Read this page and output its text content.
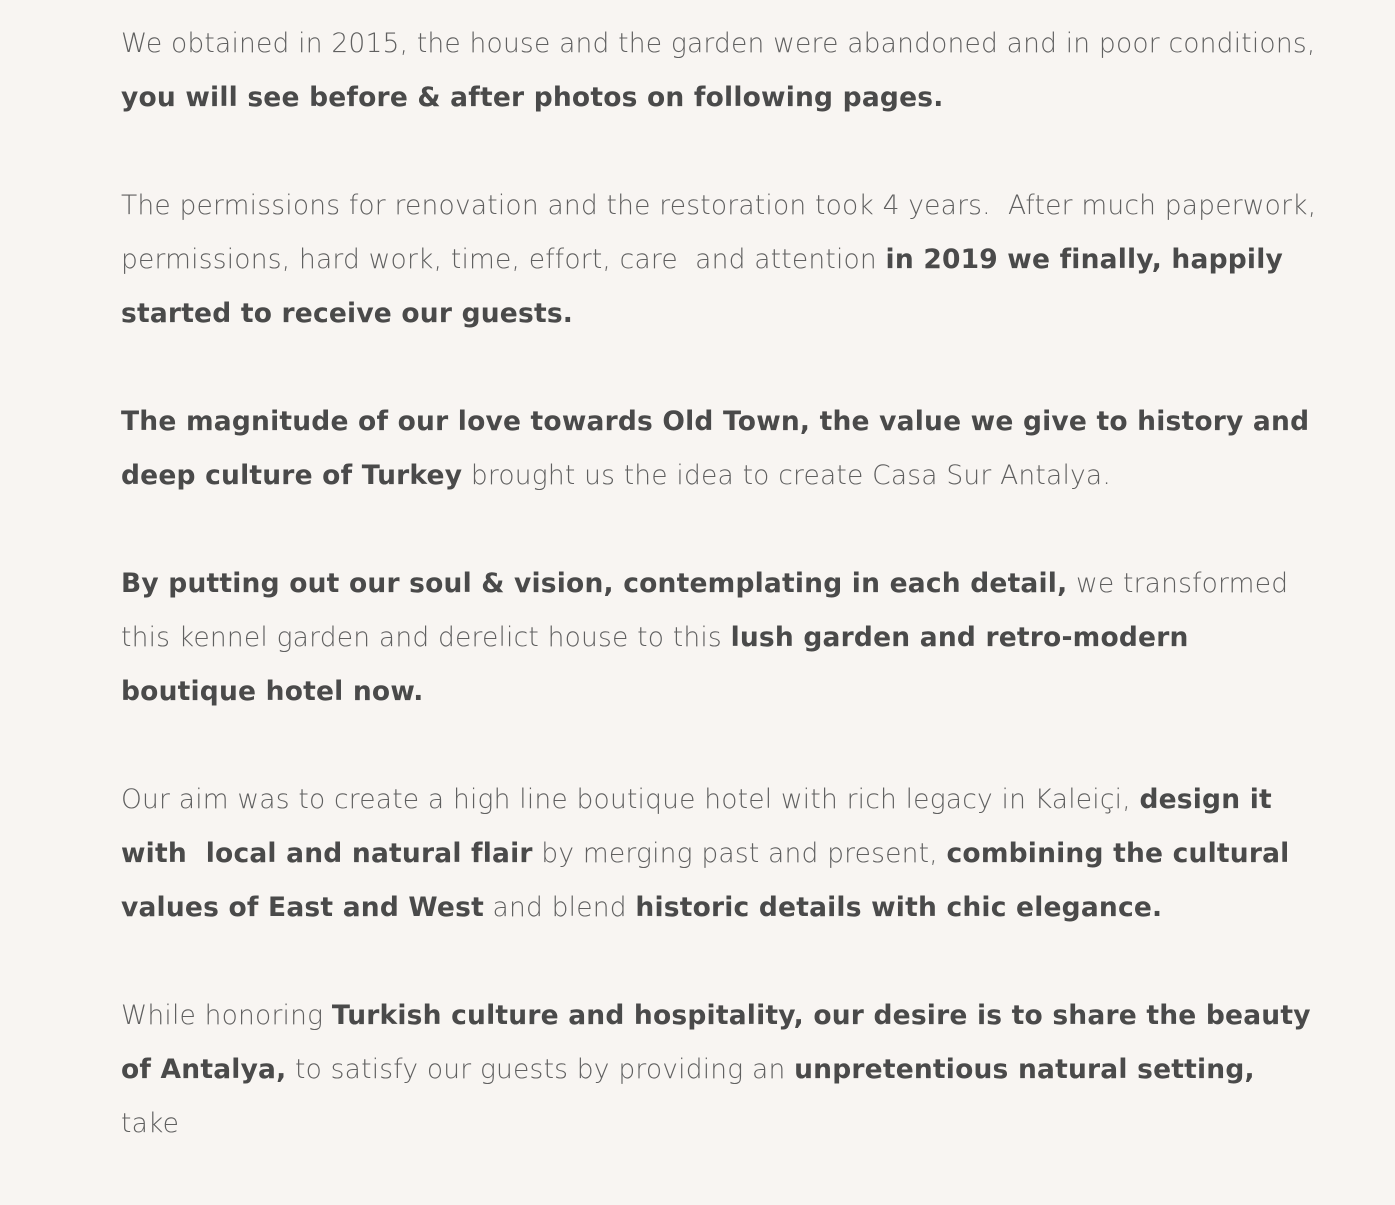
We obtained in 2015, the house and the garden were abandoned and in poor conditions, you will see before & after photos on following pages.

The permissions for renovation and the restoration took 4 years.  After much paperwork, permissions, hard work, time, effort, care  and attention in 2019 we finally, happily started to receive our guests.

The magnitude of our love towards Old Town, the value we give to history and deep culture of Turkey brought us the idea to create Casa Sur Antalya.

By putting out our soul & vision, contemplating in each detail, we transformed this kennel garden and derelict house to this lush garden and retro-modern boutique hotel now.

Our aim was to create a high line boutique hotel with rich legacy in Kaleiçi, design it with  local and natural flair by merging past and present, combining the cultural values of East and West and blend historic details with chic elegance.

While honoring Turkish culture and hospitality, our desire is to share the beauty of Antalya, to satisfy our guests by providing an unpretentious natural setting, take
